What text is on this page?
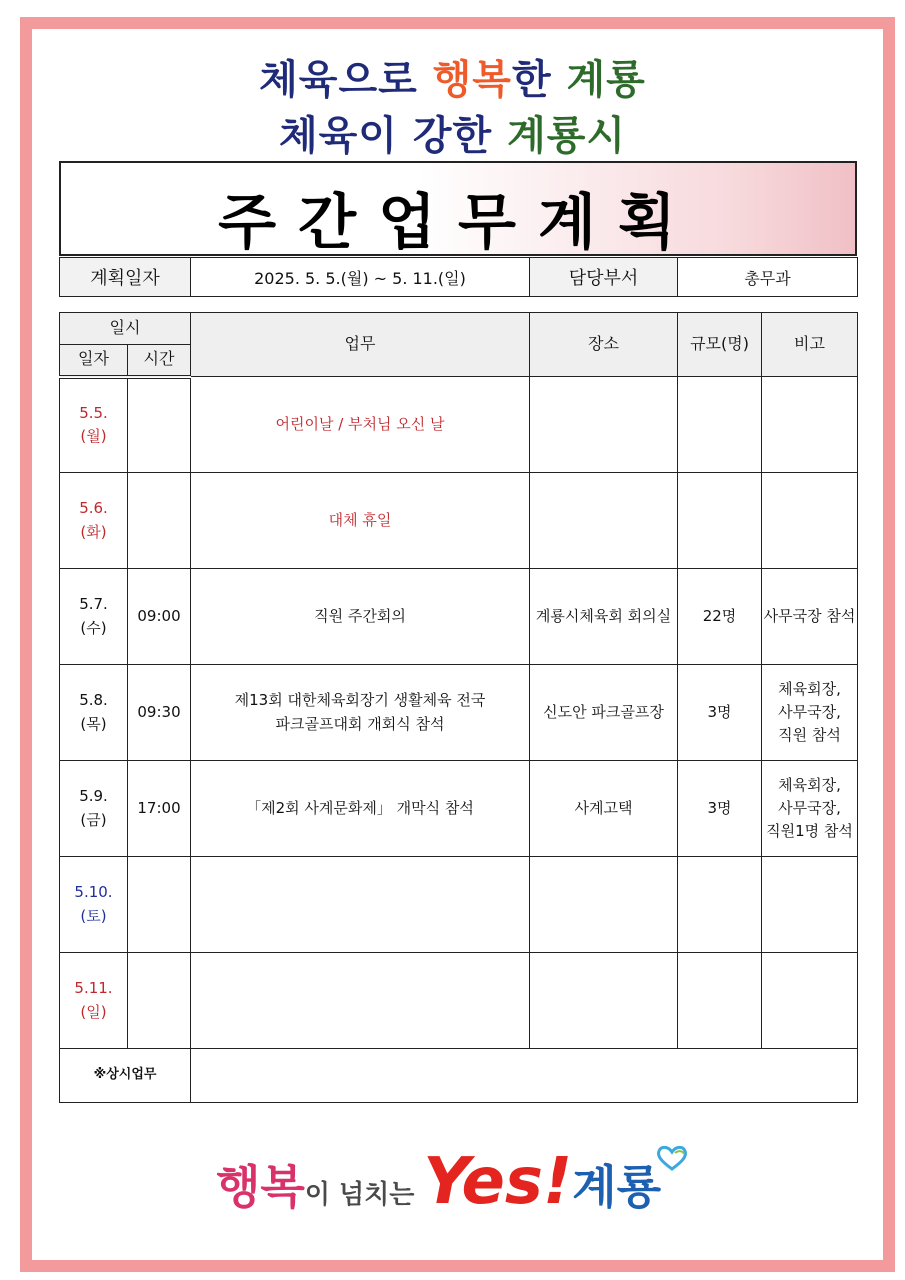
체육으로 행복한 계룡
체육이 강한 계룡시
주간업무계획
계획일자	2025. 5. 5.(월) ~ 5. 11.(일)	담당부서	총무과
일시		업무	장소	규모(명)	비고
일자	시간				
5.5.
(월)		어린이날 / 부처님 오신 날			
5.6.
(화)		대체 휴일			
5.7.
(수)	09:00	직원 주간회의	계룡시체육회 회의실	22명	사무국장 참석
5.8.
(목)	09:30	제13회 대한체육회장기 생활체육 전국
파크골프대회 개회식 참석	신도안 파크골프장	3명	체육회장,
사무국장,
직원 참석
5.9.
(금)	17:00	「제2회 사계문화제」 개막식 참석	사계고택	3명	체육회장,
사무국장,
직원1명 참석
5.10.
(토)					
5.11.
(일)					
※상시업무					
행복이 넘치는 Yes!계룡
